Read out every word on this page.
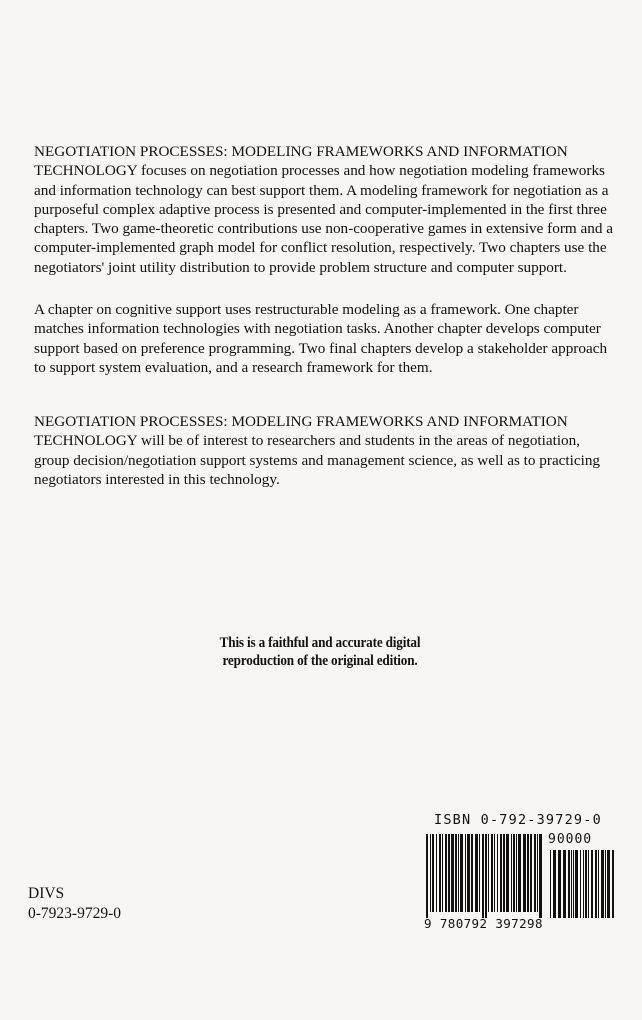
NEGOTIATION PROCESSES: MODELING FRAMEWORKS AND INFORMATION TECHNOLOGY focuses on negotiation processes and how negotiation modeling frameworks and information technology can best support them. A modeling framework for negotiation as a purposeful complex adaptive process is presented and computer-implemented in the first three chapters. Two game-theoretic contributions use non-cooperative games in extensive form and a computer-implemented graph model for conflict resolution, respectively. Two chapters use the negotiators' joint utility distribution to provide problem structure and computer support.

A chapter on cognitive support uses restructurable modeling as a framework. One chapter matches information technologies with negotiation tasks. Another chapter develops computer support based on preference programming. Two final chapters develop a stakeholder approach to support system evaluation, and a research framework for them.

NEGOTIATION PROCESSES: MODELING FRAMEWORKS AND INFORMATION TECHNOLOGY will be of interest to researchers and students in the areas of negotiation, group decision/negotiation support systems and management science, as well as to practicing negotiators interested in this technology.

This is a faithful and accurate digital
reproduction of the original edition.
DIVS
0-7923-9729-0
ISBN 0-792-39729-0
90000
9 780792 397298
